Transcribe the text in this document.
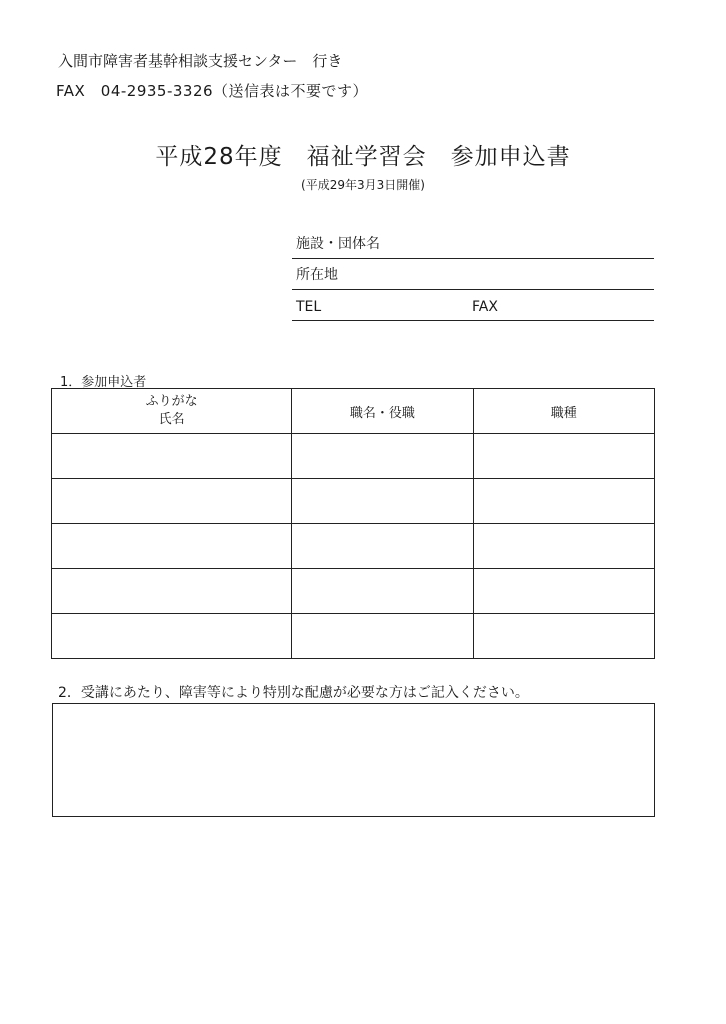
入間市障害者基幹相談支援センター　行き
FAX　04-2935-3326（送信表は不要です）
平成28年度　福祉学習会　参加申込書
(平成29年3月3日開催)
施設・団体名
所在地
TEL	FAX
1．参加申込者
ふりがな
氏名	職名・役職	職種

2．受講にあたり、障害等により特別な配慮が必要な方はご記入ください。
